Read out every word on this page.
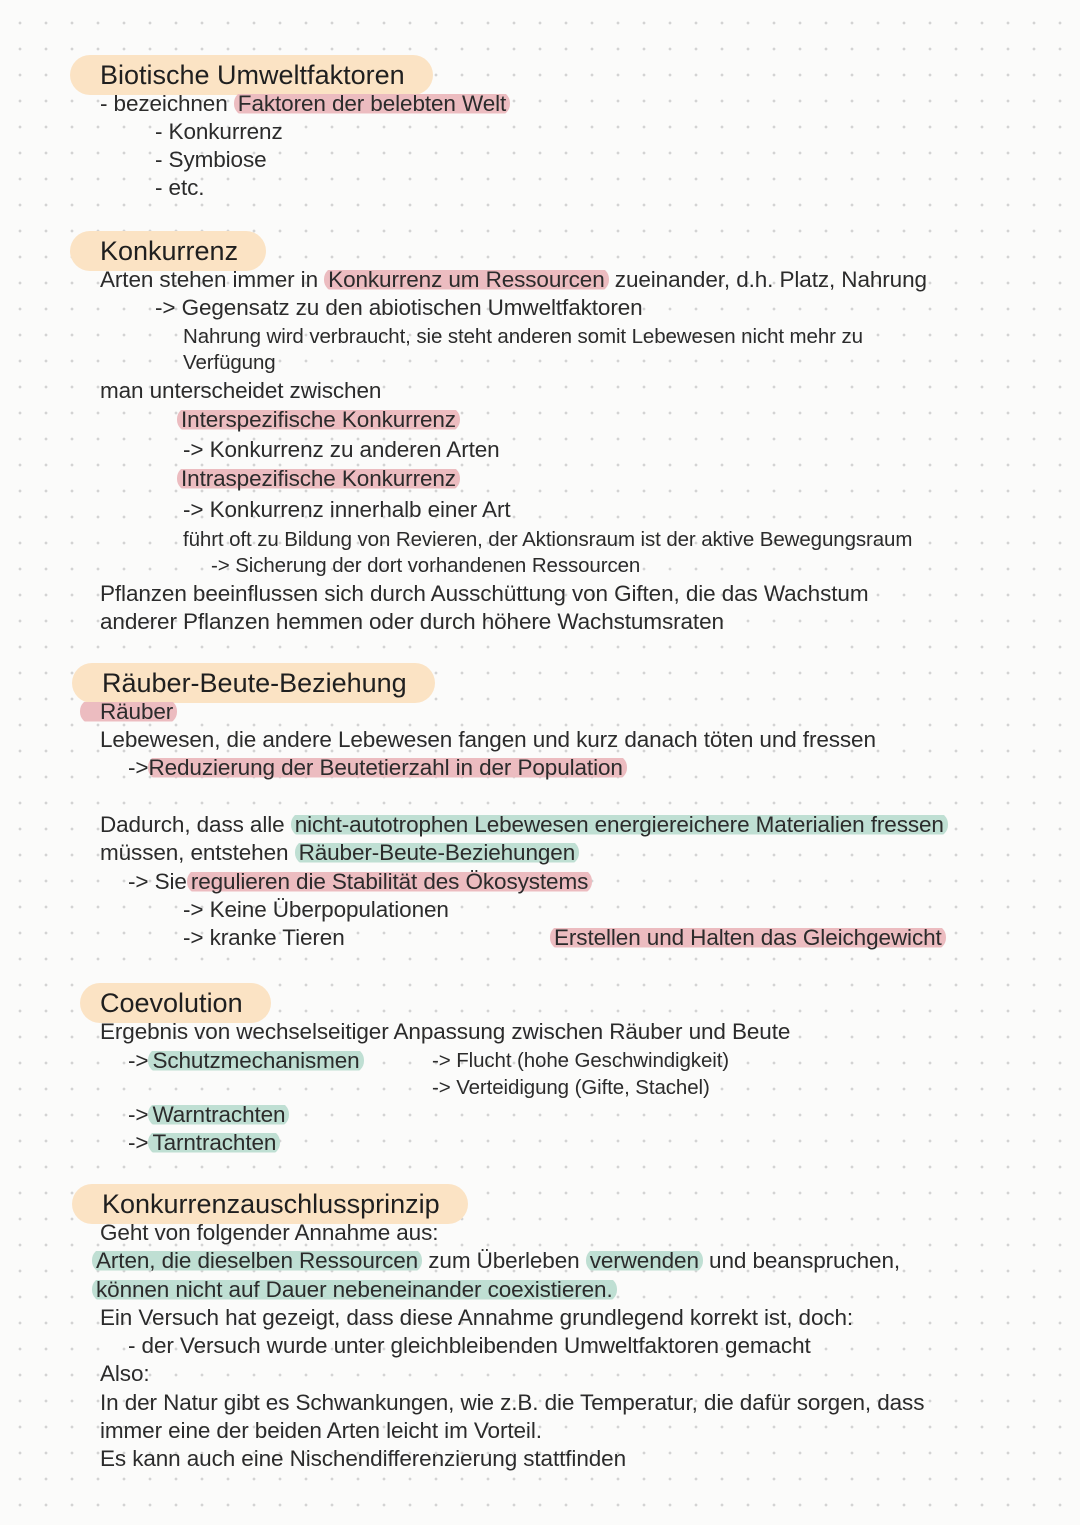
Biotische Umweltfaktoren
- bezeichnen Faktoren der belebten Welt
- Konkurrenz
- Symbiose
- etc.
Konkurrenz
Arten stehen immer in Konkurrenz um Ressourcen zueinander, d.h. Platz, Nahrung
-> Gegensatz zu den abiotischen Umweltfaktoren
Nahrung wird verbraucht, sie steht anderen somit Lebewesen nicht mehr zu
Verfügung
man unterscheidet zwischen
Interspezifische Konkurrenz
-> Konkurrenz zu anderen Arten
Intraspezifische Konkurrenz
-> Konkurrenz innerhalb einer Art
führt oft zu Bildung von Revieren, der Aktionsraum ist der aktive Bewegungsraum
-> Sicherung der dort vorhandenen Ressourcen
Pflanzen beeinflussen sich durch Ausschüttung von Giften, die das Wachstum
anderer Pflanzen hemmen oder durch höhere Wachstumsraten
Räuber-Beute-Beziehung
Räuber
Lebewesen, die andere Lebewesen fangen und kurz danach töten und fressen
->Reduzierung der Beutetierzahl in der Population
Dadurch, dass alle nicht-autotrophen Lebewesen energiereichere Materialien fressen
müssen, entstehen Räuber-Beute-Beziehungen
-> Sie regulieren die Stabilität des Ökosystems
-> Keine Überpopulationen
-> kranke Tieren	Erstellen und Halten das Gleichgewicht
Coevolution
Ergebnis von wechselseitiger Anpassung zwischen Räuber und Beute
-> Schutzmechanismen	-> Flucht (hohe Geschwindigkeit)
-> Verteidigung (Gifte, Stachel)
-> Warntrachten
-> Tarntrachten
Konkurrenzauschlussprinzip
Geht von folgender Annahme aus:
Arten, die dieselben Ressourcen zum Überleben verwenden und beanspruchen,
können nicht auf Dauer nebeneinander coexistieren.
Ein Versuch hat gezeigt, dass diese Annahme grundlegend korrekt ist, doch:
- der Versuch wurde unter gleichbleibenden Umweltfaktoren gemacht
Also:
In der Natur gibt es Schwankungen, wie z.B. die Temperatur, die dafür sorgen, dass
immer eine der beiden Arten leicht im Vorteil.
Es kann auch eine Nischendifferenzierung stattfinden
